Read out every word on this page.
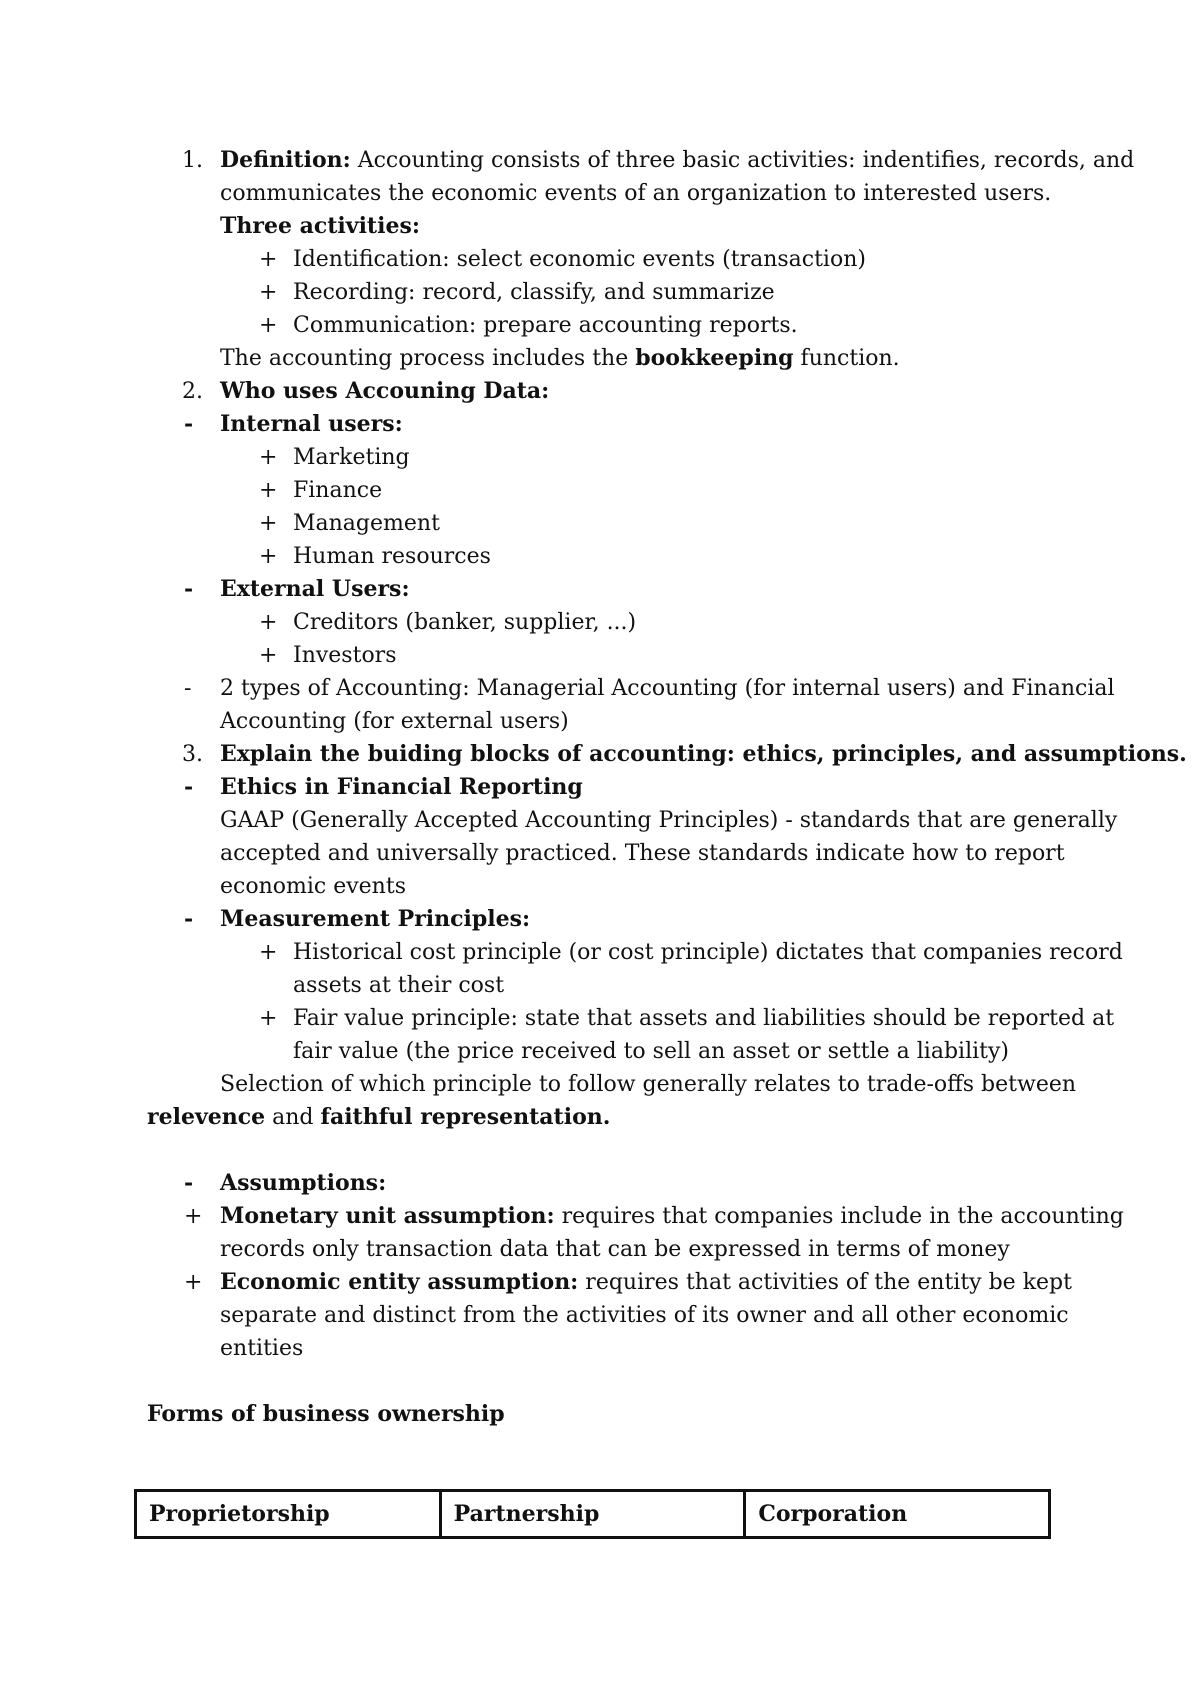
1. Definition: Accounting consists of three basic activities: indentifies, records, and
communicates the economic events of an organization to interested users.
Three activities:
+ Identification: select economic events (transaction)
+ Recording: record, classify, and summarize
+ Communication: prepare accounting reports.
The accounting process includes the bookkeeping function.
2. Who uses Accouning Data:
- Internal users:
+ Marketing
+ Finance
+ Management
+ Human resources
- External Users:
+ Creditors (banker, supplier, ...)
+ Investors
- 2 types of Accounting: Managerial Accounting (for internal users) and Financial
Accounting (for external users)
3. Explain the buiding blocks of accounting: ethics, principles, and assumptions.
- Ethics in Financial Reporting
GAAP (Generally Accepted Accounting Principles) - standards that are generally
accepted and universally practiced. These standards indicate how to report
economic events
- Measurement Principles:
+ Historical cost principle (or cost principle) dictates that companies record
assets at their cost
+ Fair value principle: state that assets and liabilities should be reported at
fair value (the price received to sell an asset or settle a liability)
Selection of which principle to follow generally relates to trade-offs between
relevence and faithful representation.
- Assumptions:
+ Monetary unit assumption: requires that companies include in the accounting
records only transaction data that can be expressed in terms of money
+ Economic entity assumption: requires that activities of the entity be kept
separate and distinct from the activities of its owner and all other economic
entities
Forms of business ownership
Proprietorship	Partnership	Corporation
